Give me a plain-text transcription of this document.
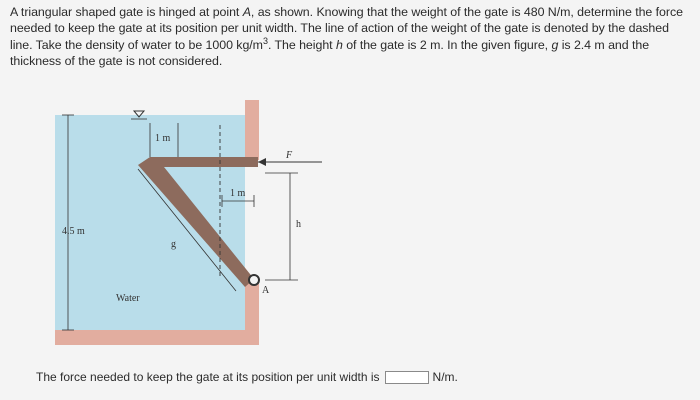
A triangular shaped gate is hinged at point A, as shown. Knowing that the weight of the gate is 480 N/m, determine the force needed to keep the gate at its position per unit width. The line of action of the weight of the gate is denoted by the dashed line. Take the density of water to be 1000 $kg/m^3$. The height h of the gate is 2 m. In the given figure, g is 2.4 m and the thickness of the gate is not considered.
1 m
1 m
F
h
4.5 m
g
A
Water
The force needed to keep the gate at its position per unit width is	N/m.
